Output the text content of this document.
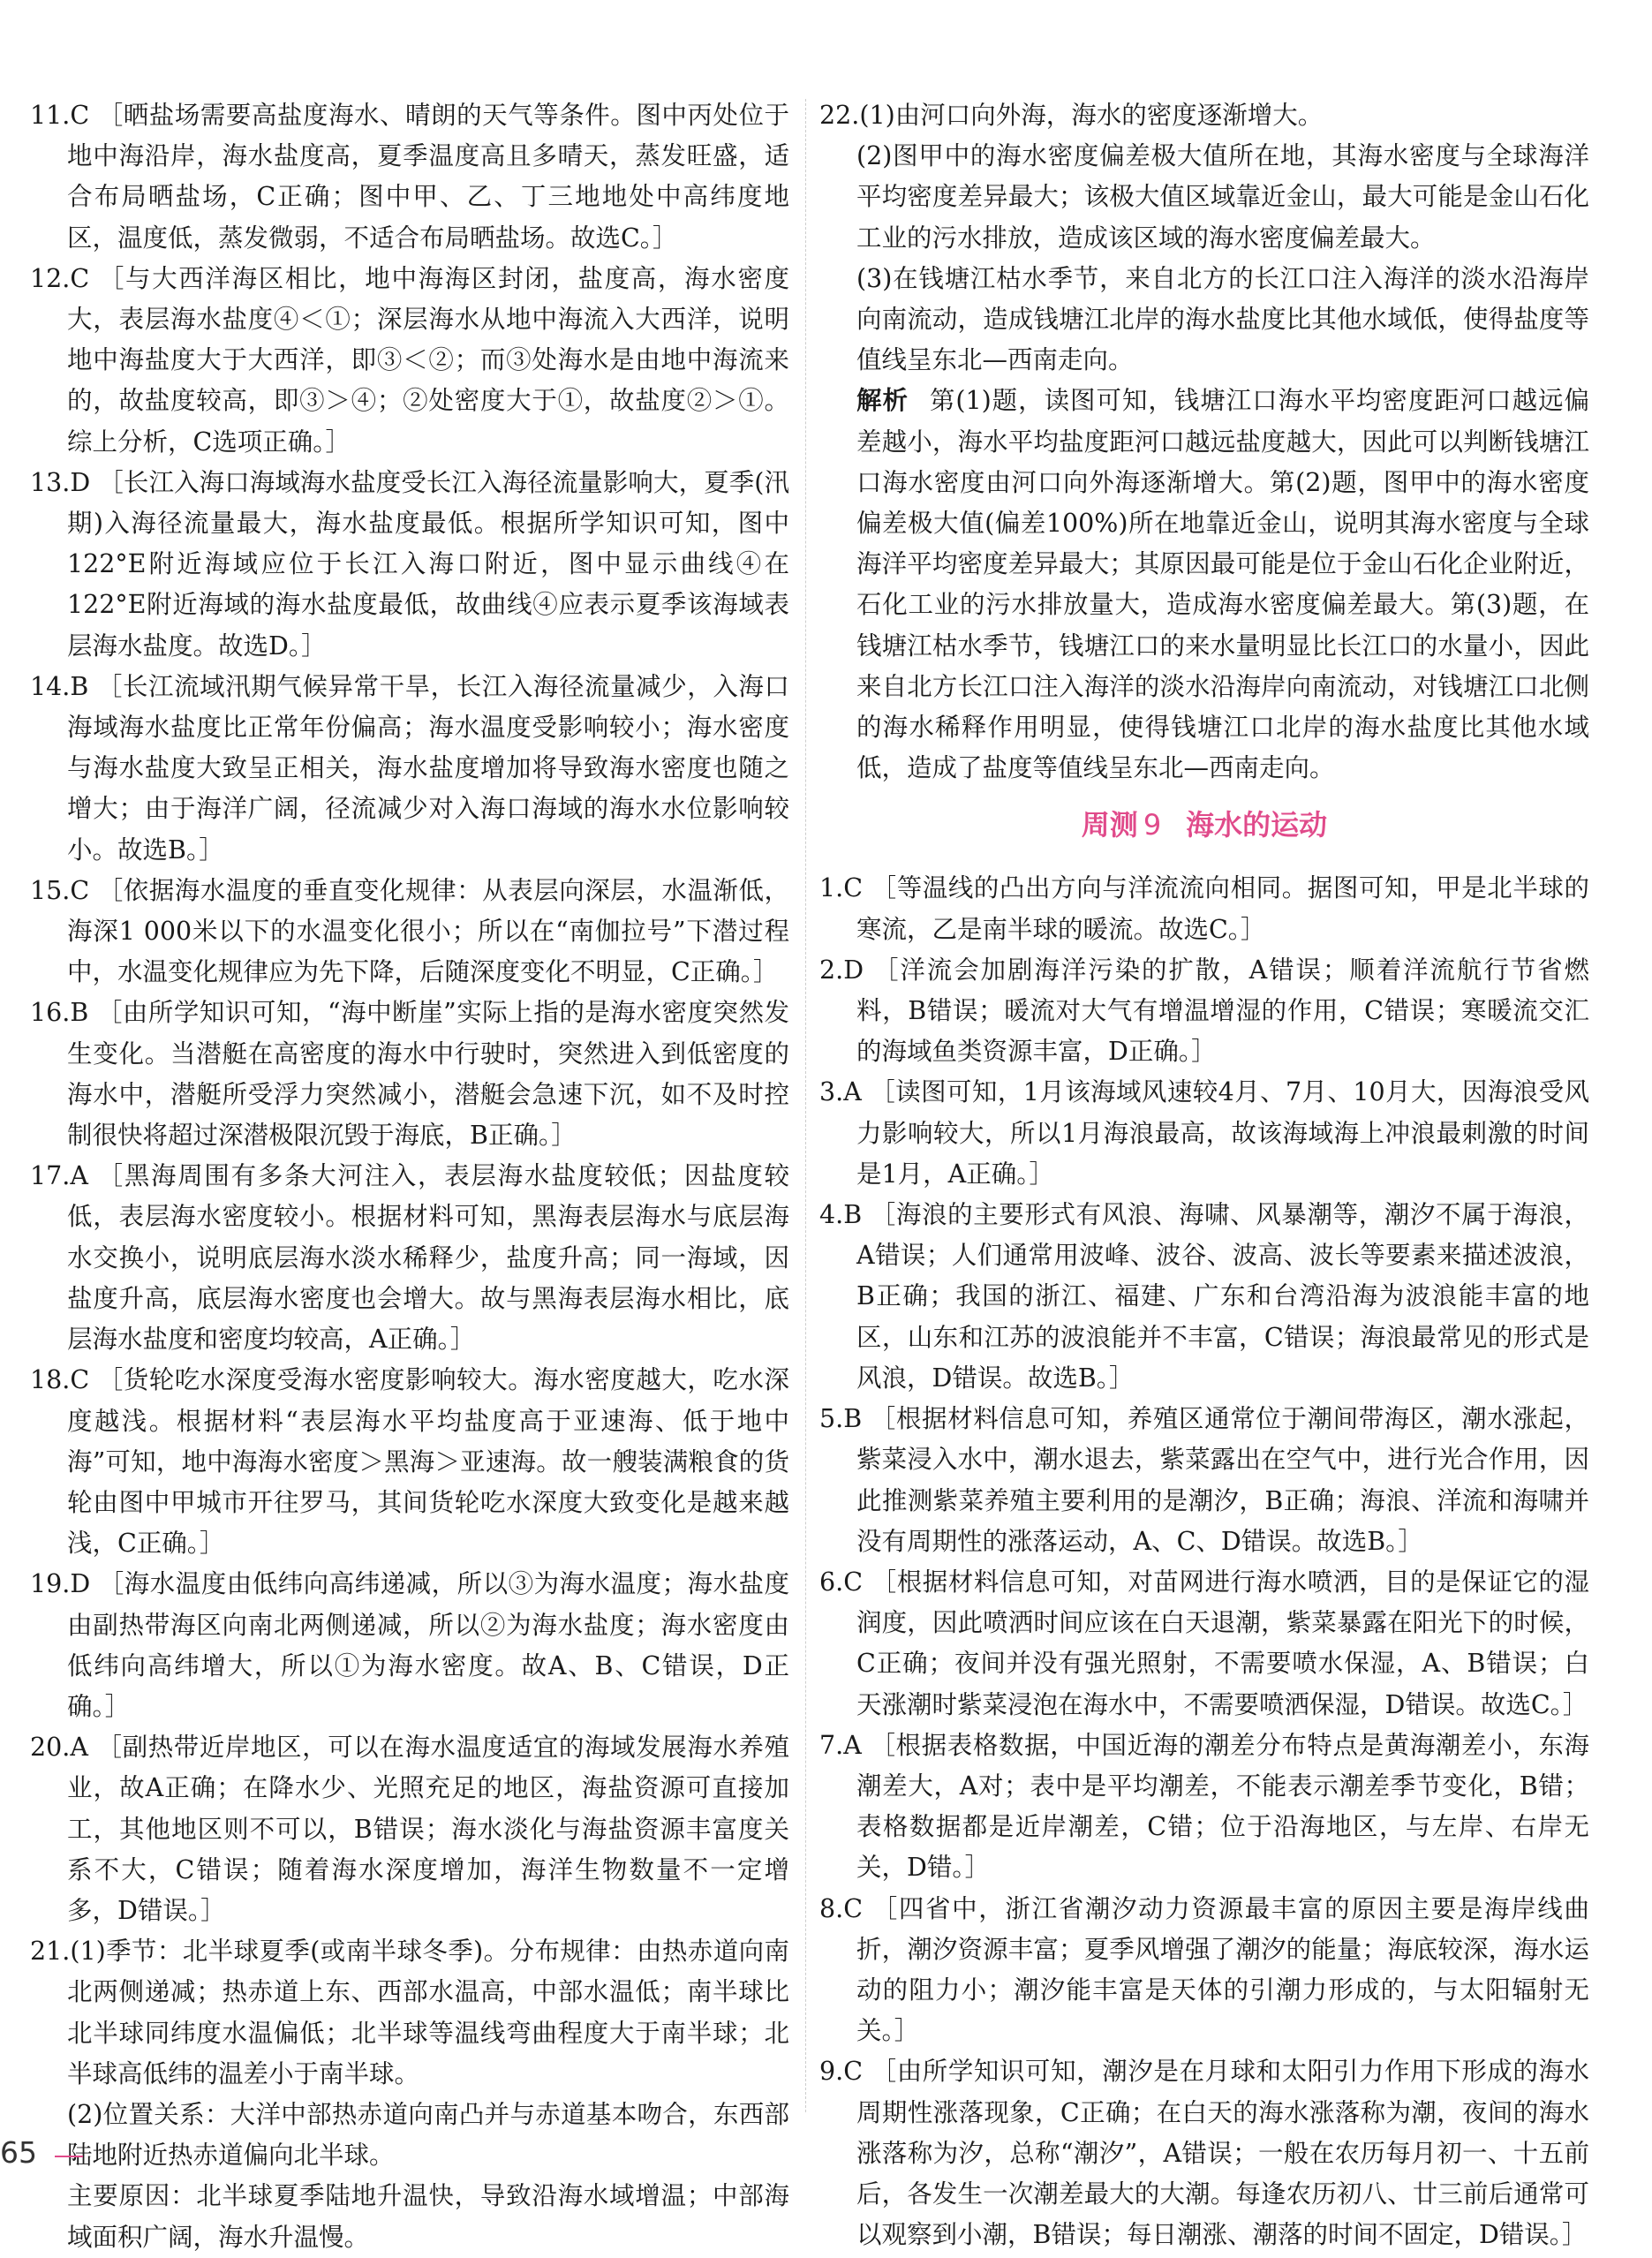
11.C ［晒盐场需要高盐度海水、晴朗的天气等条件。图中丙处位于地中海沿岸，海水盐度高，夏季温度高且多晴天，蒸发旺盛，适合布局晒盐场，C正确；图中甲、乙、丁三地地处中高纬度地区，温度低，蒸发微弱，不适合布局晒盐场。故选C。］
12.C ［与大西洋海区相比，地中海海区封闭，盐度高，海水密度大，表层海水盐度④＜①；深层海水从地中海流入大西洋，说明地中海盐度大于大西洋，即③＜②；而③处海水是由地中海流来的，故盐度较高，即③＞④；②处密度大于①，故盐度②＞①。综上分析，C选项正确。］
13.D ［长江入海口海域海水盐度受长江入海径流量影响大，夏季(汛期)入海径流量最大，海水盐度最低。根据所学知识可知，图中122°E附近海域应位于长江入海口附近，图中显示曲线④在122°E附近海域的海水盐度最低，故曲线④应表示夏季该海域表层海水盐度。故选D。］
14.B ［长江流域汛期气候异常干旱，长江入海径流量减少，入海口海域海水盐度比正常年份偏高；海水温度受影响较小；海水密度与海水盐度大致呈正相关，海水盐度增加将导致海水密度也随之增大；由于海洋广阔，径流减少对入海口海域的海水水位影响较小。故选B。］
15.C ［依据海水温度的垂直变化规律：从表层向深层，水温渐低，海深1 000米以下的水温变化很小；所以在“南伽拉号”下潜过程中，水温变化规律应为先下降，后随深度变化不明显，C正确。］
16.B ［由所学知识可知，“海中断崖”实际上指的是海水密度突然发生变化。当潜艇在高密度的海水中行驶时，突然进入到低密度的海水中，潜艇所受浮力突然减小，潜艇会急速下沉，如不及时控制很快将超过深潜极限沉毁于海底，B正确。］
17.A ［黑海周围有多条大河注入，表层海水盐度较低；因盐度较低，表层海水密度较小。根据材料可知，黑海表层海水与底层海水交换小，说明底层海水淡水稀释少，盐度升高；同一海域，因盐度升高，底层海水密度也会增大。故与黑海表层海水相比，底层海水盐度和密度均较高，A正确。］
18.C ［货轮吃水深度受海水密度影响较大。海水密度越大，吃水深度越浅。根据材料“表层海水平均盐度高于亚速海、低于地中海”可知，地中海海水密度＞黑海＞亚速海。故一艘装满粮食的货轮由图中甲城市开往罗马，其间货轮吃水深度大致变化是越来越浅，C正确。］
19.D ［海水温度由低纬向高纬递减，所以③为海水温度；海水盐度由副热带海区向南北两侧递减，所以②为海水盐度；海水密度由低纬向高纬增大，所以①为海水密度。故A、B、C错误，D正确。］
20.A ［副热带近岸地区，可以在海水温度适宜的海域发展海水养殖业，故A正确；在降水少、光照充足的地区，海盐资源可直接加工，其他地区则不可以，B错误；海水淡化与海盐资源丰富度关系不大，C错误；随着海水深度增加，海洋生物数量不一定增多，D错误。］
21.(1)季节：北半球夏季(或南半球冬季)。分布规律：由热赤道向南北两侧递减；热赤道上东、西部水温高，中部水温低；南半球比北半球同纬度水温偏低；北半球等温线弯曲程度大于南半球；北半球高低纬的温差小于南半球。
(2)位置关系：大洋中部热赤道向南凸并与赤道基本吻合，东西部陆地附近热赤道偏向北半球。
主要原因：北半球夏季陆地升温快，导致沿海水域增温；中部海域面积广阔，海水升温慢。
22.(1)由河口向外海，海水的密度逐渐增大。
(2)图甲中的海水密度偏差极大值所在地，其海水密度与全球海洋平均密度差异最大；该极大值区域靠近金山，最大可能是金山石化工业的污水排放，造成该区域的海水密度偏差最大。
(3)在钱塘江枯水季节，来自北方的长江口注入海洋的淡水沿海岸向南流动，造成钱塘江北岸的海水盐度比其他水域低，使得盐度等值线呈东北—西南走向。
解析 第(1)题，读图可知，钱塘江口海水平均密度距河口越远偏差越小，海水平均盐度距河口越远盐度越大，因此可以判断钱塘江口海水密度由河口向外海逐渐增大。第(2)题，图甲中的海水密度偏差极大值(偏差100%)所在地靠近金山，说明其海水密度与全球海洋平均密度差异最大；其原因最可能是位于金山石化企业附近，石化工业的污水排放量大，造成海水密度偏差最大。第(3)题，在钱塘江枯水季节，钱塘江口的来水量明显比长江口的水量小，因此来自北方长江口注入海洋的淡水沿海岸向南流动，对钱塘江口北侧的海水稀释作用明显，使得钱塘江口北岸的海水盐度比其他水域低，造成了盐度等值线呈东北—西南走向。
周测 9 海水的运动
1.C ［等温线的凸出方向与洋流流向相同。据图可知，甲是北半球的寒流，乙是南半球的暖流。故选C。］
2.D ［洋流会加剧海洋污染的扩散，A错误；顺着洋流航行节省燃料，B错误；暖流对大气有增温增湿的作用，C错误；寒暖流交汇的海域鱼类资源丰富，D正确。］
3.A ［读图可知，1月该海域风速较4月、7月、10月大，因海浪受风力影响较大，所以1月海浪最高，故该海域海上冲浪最刺激的时间是1月，A正确。］
4.B ［海浪的主要形式有风浪、海啸、风暴潮等，潮汐不属于海浪，A错误；人们通常用波峰、波谷、波高、波长等要素来描述波浪，B正确；我国的浙江、福建、广东和台湾沿海为波浪能丰富的地区，山东和江苏的波浪能并不丰富，C错误；海浪最常见的形式是风浪，D错误。故选B。］
5.B ［根据材料信息可知，养殖区通常位于潮间带海区，潮水涨起，紫菜浸入水中，潮水退去，紫菜露出在空气中，进行光合作用，因此推测紫菜养殖主要利用的是潮汐，B正确；海浪、洋流和海啸并没有周期性的涨落运动，A、C、D错误。故选B。］
6.C ［根据材料信息可知，对苗网进行海水喷洒，目的是保证它的湿润度，因此喷洒时间应该在白天退潮，紫菜暴露在阳光下的时候，C正确；夜间并没有强光照射，不需要喷水保湿，A、B错误；白天涨潮时紫菜浸泡在海水中，不需要喷洒保湿，D错误。故选C。］
7.A ［根据表格数据，中国近海的潮差分布特点是黄海潮差小，东海潮差大，A对；表中是平均潮差，不能表示潮差季节变化，B错；表格数据都是近岸潮差，C错；位于沿海地区，与左岸、右岸无关，D错。］
8.C ［四省中，浙江省潮汐动力资源最丰富的原因主要是海岸线曲折，潮汐资源丰富；夏季风增强了潮汐的能量；海底较深，海水运动的阻力小；潮汐能丰富是天体的引潮力形成的，与太阳辐射无关。］
9.C ［由所学知识可知，潮汐是在月球和太阳引力作用下形成的海水周期性涨落现象，C正确；在白天的海水涨落称为潮，夜间的海水涨落称为汐，总称“潮汐”，A错误；一般在农历每月初一、十五前后，各发生一次潮差最大的大潮。每逢农历初八、廿三前后通常可以观察到小潮，B错误；每日潮涨、潮落的时间不固定，D错误。］
65
